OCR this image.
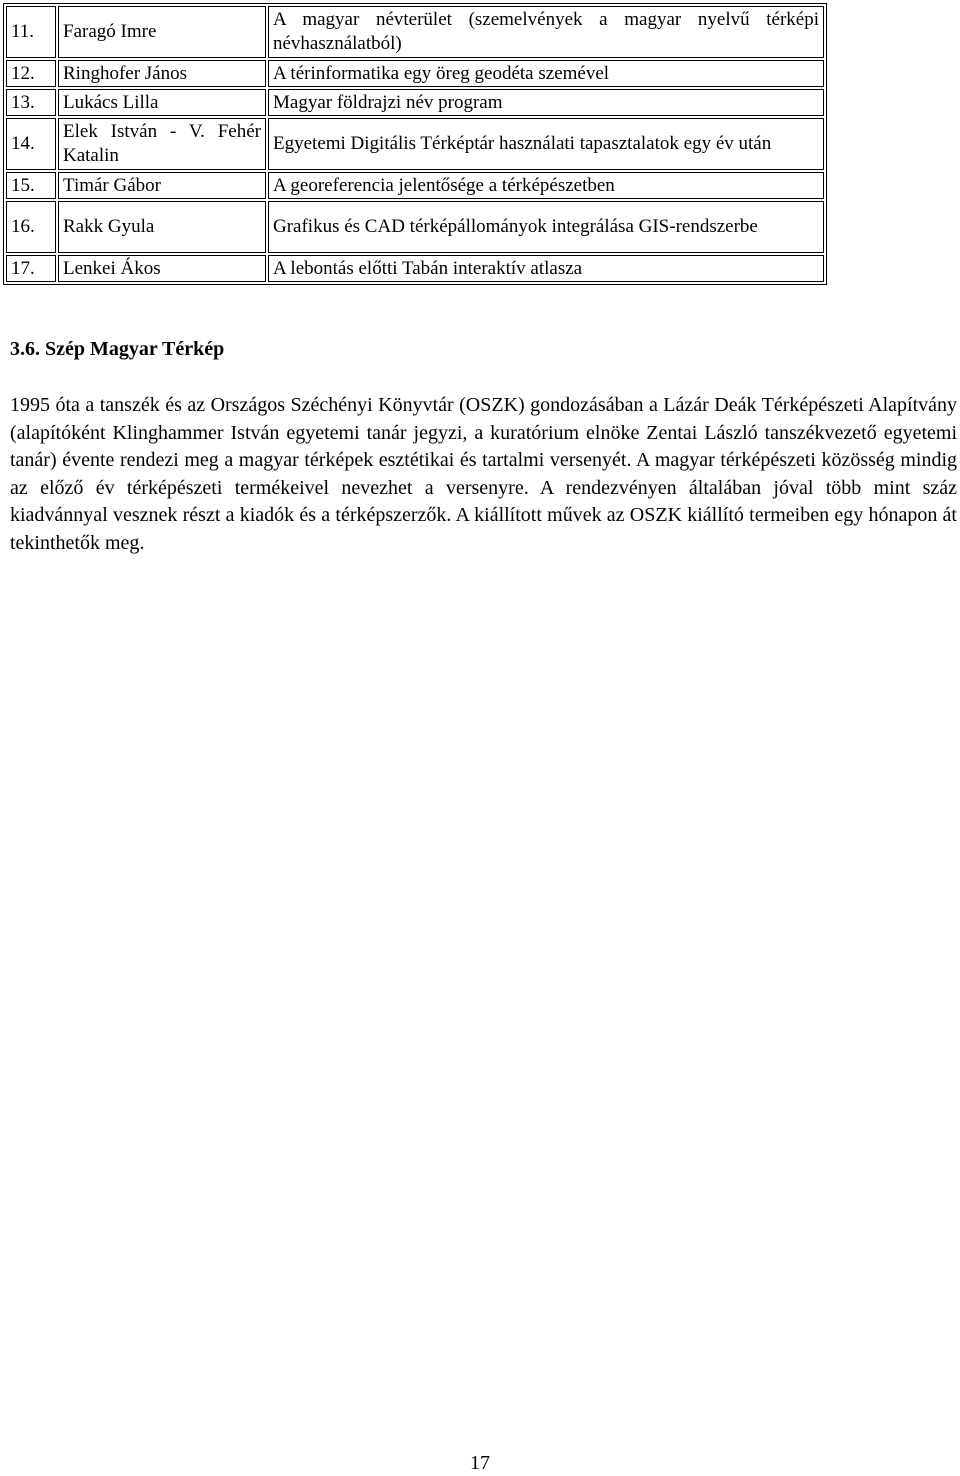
11.	Faragó Imre	A magyar névterület (szemelvények a magyar nyelvű térképi névhasználatból)
12.	Ringhofer János	A térinformatika egy öreg geodéta szemével
13.	Lukács Lilla	Magyar földrajzi név program
14.	Elek István - V. Fehér Katalin	Egyetemi Digitális Térképtár használati tapasztalatok egy év után
15.	Timár Gábor	A georeferencia jelentősége a térképészetben
16.	Rakk Gyula	Grafikus és CAD térképállományok integrálása GIS-rendszerbe
17.	Lenkei Ákos	A lebontás előtti Tabán interaktív atlasza
3.6. Szép Magyar Térkép

1995 óta a tanszék és az Országos Széchényi Könyvtár (OSZK) gondozásában a Lázár Deák Térképészeti Alapítvány (alapítóként Klinghammer István egyetemi tanár jegyzi, a kuratórium elnöke Zentai László tanszékvezető egyetemi tanár) évente rendezi meg a magyar térképek esztétikai és tartalmi versenyét. A magyar térképészeti közösség mindig az előző év térképészeti termékeivel nevezhet a versenyre. A rendezvényen általában jóval több mint száz kiadvánnyal vesznek részt a kiadók és a térképszerzők. A kiállított művek az OSZK kiállító termeiben egy hónapon át tekinthetők meg.

17
